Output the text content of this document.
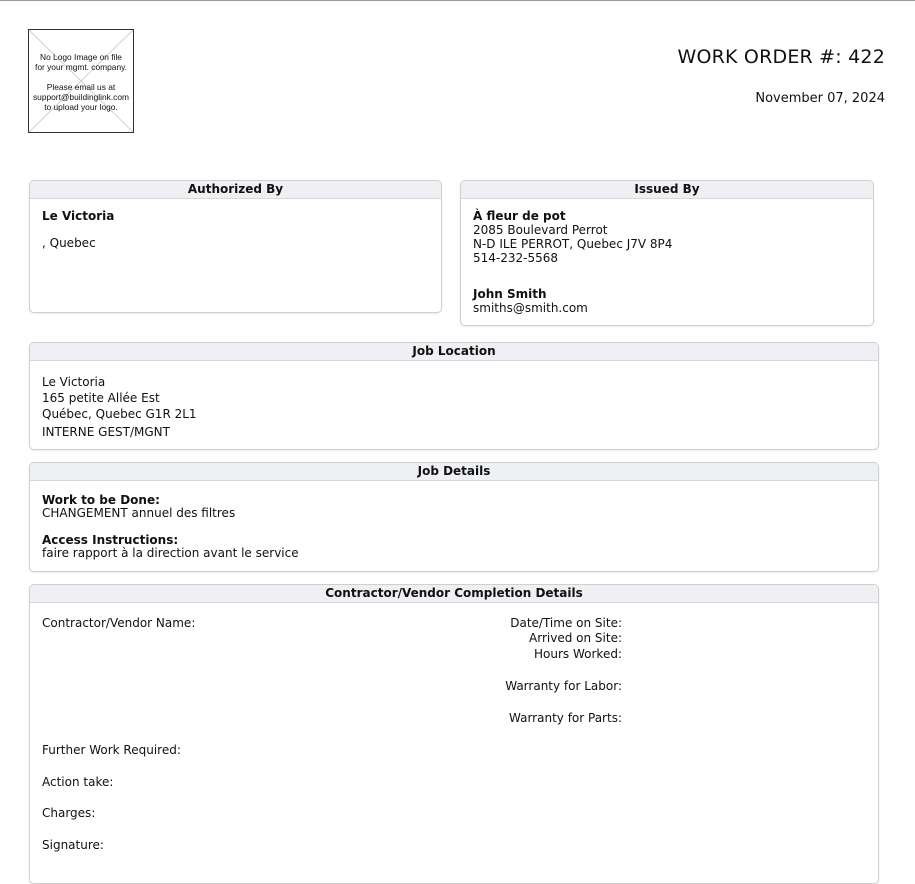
No Logo Image on file
for your mgmt. company.
Please email us at
support@buildinglink.com
to upload your logo.
WORK ORDER #: 422
November 07, 2024
Authorized By
Le Victoria
, Quebec
Issued By
À fleur de pot
2085 Boulevard Perrot
N-D ILE PERROT, Quebec J7V 8P4
514-232-5568
John Smith
smiths@smith.com
Job Location
Le Victoria
165 petite Allée Est
Québec, Quebec G1R 2L1
INTERNE GEST/MGNT
Job Details
Work to be Done:
CHANGEMENT annuel des filtres
Access Instructions:
faire rapport à la direction avant le service
Contractor/Vendor Completion Details
Contractor/Vendor Name:	Date/Time on Site:
Arrived on Site:
Hours Worked:
Warranty for Labor:
Warranty for Parts:
Further Work Required:
Action take:
Charges:
Signature:
